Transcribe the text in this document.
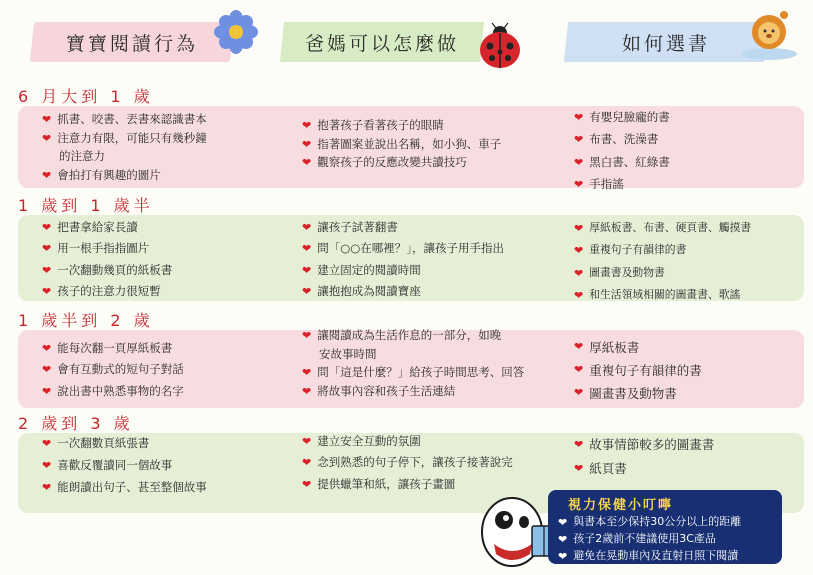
寶寶閱讀行為	爸媽可以怎麼做	如何選書
6 月大到 1 歲
❤ 抓書、咬書、丟書來認識書本
❤ 注意力有限，可能只有幾秒鐘
的注意力
❤ 會拍打有興趣的圖片
❤ 抱著孩子看著孩子的眼睛
❤ 指著圖案並說出名稱，如小狗、車子
❤ 觀察孩子的反應改變共讀技巧
❤ 有嬰兒臉龐的書
❤ 布書、洗澡書
❤ 黑白書、紅綠書
❤ 手指謠
1 歲到 1 歲半
❤ 把書拿給家長讀
❤ 用一根手指指圖片
❤ 一次翻動幾頁的紙板書
❤ 孩子的注意力很短暫
❤ 讓孩子試著翻書
❤ 問「○○在哪裡？」，讓孩子用手指出
❤ 建立固定的閱讀時間
❤ 讓抱抱成為閱讀寶座
❤ 厚紙板書、布書、硬頁書、觸摸書
❤ 重複句子有韻律的書
❤ 圖畫書及動物書
❤ 和生活領域相關的圖畫書、歌謠
1 歲半到 2 歲
❤ 能每次翻一頁厚紙板書
❤ 會有互動式的短句子對話
❤ 說出書中熟悉事物的名字
❤ 讓閱讀成為生活作息的一部分，如晚
安故事時間
❤ 問「這是什麼？」給孩子時間思考、回答
❤ 將故事內容和孩子生活連結
❤ 厚紙板書
❤ 重複句子有韻律的書
❤ 圖畫書及動物書
2 歲到 3 歲
❤ 一次翻數頁紙張書
❤ 喜歡反覆讀同一個故事
❤ 能朗讀出句子、甚至整個故事
❤ 建立安全互動的氛圍
❤ 念到熟悉的句子停下，讓孩子接著說完
❤ 提供蠟筆和紙，讓孩子畫圖
❤ 故事情節較多的圖畫書
❤ 紙頁書
視力保健小叮嚀
❤ 與書本至少保持30公分以上的距離
❤ 孩子2歲前不建議使用3C產品
❤ 避免在晃動車內及直射日照下閱讀
